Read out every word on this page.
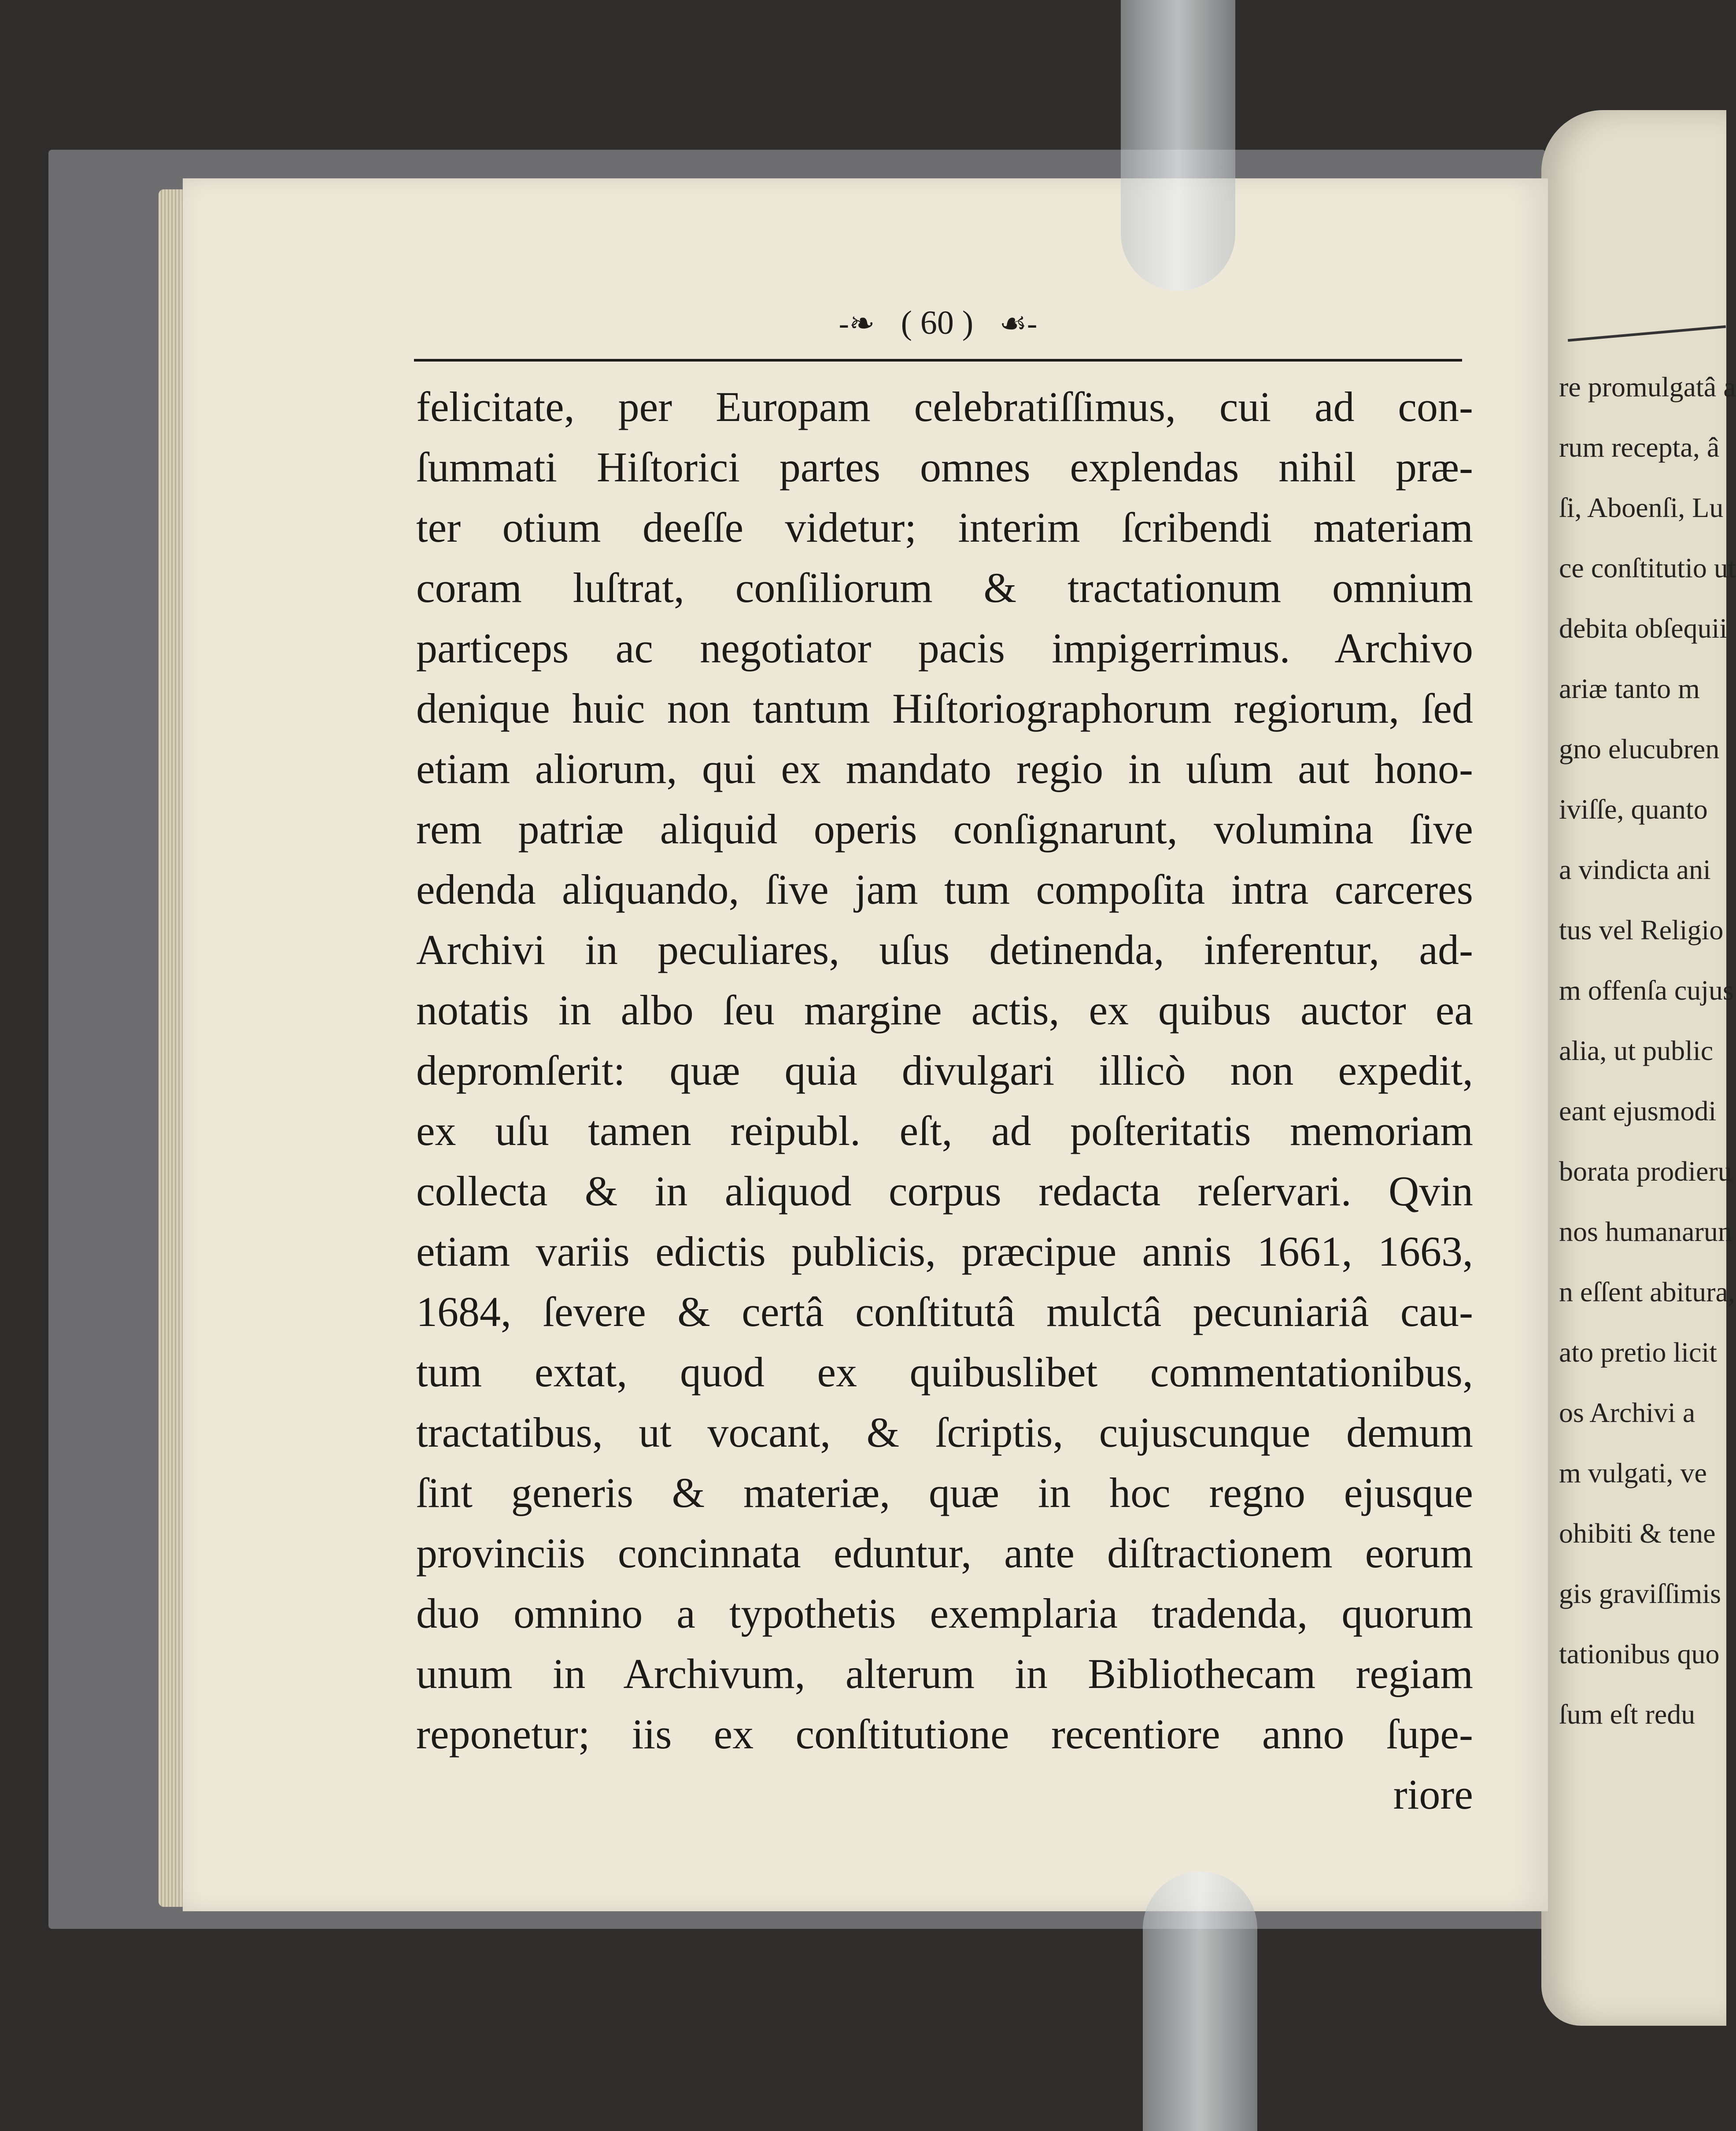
re promulgatâ a
rum recepta, â
ſi, Aboenſi, Lu
ce conſtitutio ut
debita obſequii
ariæ tanto m
gno elucubren
iviſſe, quanto
a vindicta ani
tus vel Religio
m offenſa cujus
alia, ut public
eant ejusmodi
borata prodieru
nos humanarun
n eſſent abitura,
ato pretio licit
os Archivi a
m vulgati, ve
ohibiti & tene
gis graviſſimis
tationibus quo
ſum eſt redu
-❧ ( 60 ) ☙-
felicitate, per Europam celebratiſſimus, cui ad con-
ſummati Hiſtorici partes omnes explendas nihil præ-
ter otium deeſſe videtur; interim ſcribendi materiam
coram luſtrat, conſiliorum & tractationum omnium
particeps ac negotiator pacis impigerrimus. Archivo
denique huic non tantum Hiſtoriographorum regiorum, ſed
etiam aliorum, qui ex mandato regio in uſum aut hono-
rem patriæ aliquid operis conſignarunt, volumina ſive
edenda aliquando, ſive jam tum compoſita intra carceres
Archivi in peculiares, uſus detinenda, inferentur, ad-
notatis in albo ſeu margine actis, ex quibus auctor ea
depromſerit: quæ quia divulgari illicò non expedit,
ex uſu tamen reipubl. eſt, ad poſteritatis memoriam
collecta & in aliquod corpus redacta reſervari. Qvin
etiam variis edictis publicis, præcipue annis 1661, 1663,
1684, ſevere & certâ conſtitutâ mulctâ pecuniariâ cau-
tum extat, quod ex quibuslibet commentationibus,
tractatibus, ut vocant, & ſcriptis, cujuscunque demum
ſint generis & materiæ, quæ in hoc regno ejusque
provinciis concinnata eduntur, ante diſtractionem eorum
duo omnino a typothetis exemplaria tradenda, quorum
unum in Archivum, alterum in Bibliothecam regiam
reponetur; iis ex conſtitutione recentiore anno ſupe-
riore
